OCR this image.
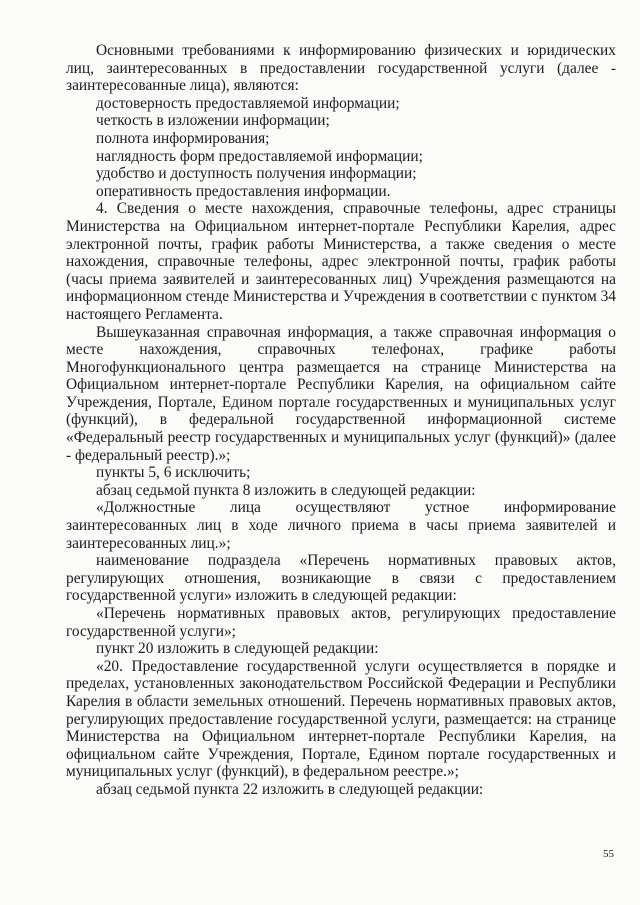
Основными требованиями к информированию физических и юридических лиц, заинтересованных в предоставлении государственной услуги (далее - заинтересованные лица), являются:

достоверность предоставляемой информации;

четкость в изложении информации;

полнота информирования;

наглядность форм предоставляемой информации;

удобство и доступность получения информации;

оперативность предоставления информации.

4. Сведения о месте нахождения, справочные телефоны, адрес страницы Министерства на Официальном интернет-портале Республики Карелия, адрес электронной почты, график работы Министерства, а также сведения о месте нахождения, справочные телефоны, адрес электронной почты, график работы (часы приема заявителей и заинтересованных лиц) Учреждения размещаются на информационном стенде Министерства и Учреждения в соответствии с пунктом 34 настоящего Регламента.

Вышеуказанная справочная информация, а также справочная информация о месте нахождения, справочных телефонах, графике работы Многофункционального центра размещается на странице Министерства на Официальном интернет-портале Республики Карелия, на официальном сайте Учреждения, Портале, Едином портале государственных и муниципальных услуг (функций), в федеральной государственной информационной системе «Федеральный реестр государственных и муниципальных услуг (функций)» (далее - федеральный реестр).»;

пункты 5, 6 исключить;

абзац седьмой пункта 8 изложить в следующей редакции:

«Должностные лица осуществляют устное информирование заинтересованных лиц в ходе личного приема в часы приема заявителей и заинтересованных лиц.»;

наименование подраздела «Перечень нормативных правовых актов, регулирующих отношения, возникающие в связи с предоставлением государственной услуги» изложить в следующей редакции:

«Перечень нормативных правовых актов, регулирующих предоставление государственной услуги»;

пункт 20 изложить в следующей редакции:

«20. Предоставление государственной услуги осуществляется в порядке и пределах, установленных законодательством Российской Федерации и Республики Карелия в области земельных отношений. Перечень нормативных правовых актов, регулирующих предоставление государственной услуги, размещается: на странице Министерства на Официальном интернет-портале Республики Карелия, на официальном сайте Учреждения, Портале, Едином портале государственных и муниципальных услуг (функций), в федеральном реестре.»;

абзац седьмой пункта 22 изложить в следующей редакции:

55
